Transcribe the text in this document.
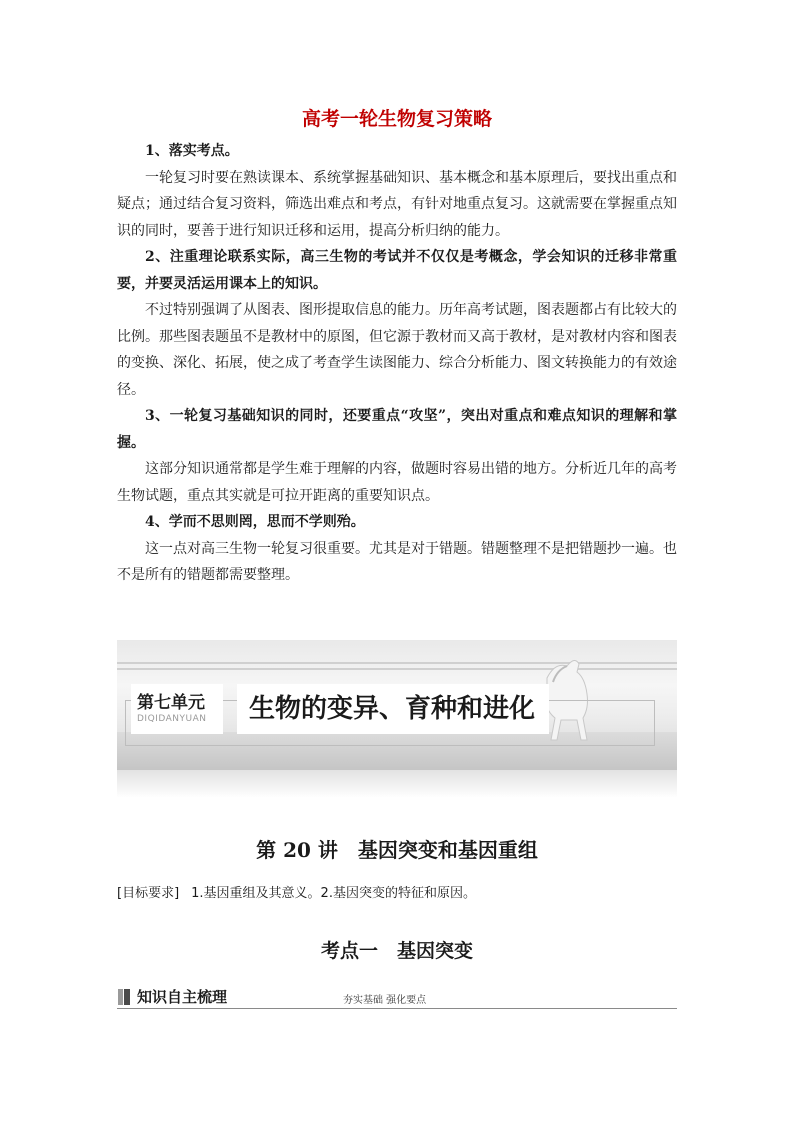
高考一轮生物复习策略

1、落实考点。

一轮复习时要在熟读课本、系统掌握基础知识、基本概念和基本原理后，要找出重点和疑点；通过结合复习资料，筛选出难点和考点，有针对地重点复习。这就需要在掌握重点知识的同时，要善于进行知识迁移和运用，提高分析归纳的能力。

2、注重理论联系实际，高三生物的考试并不仅仅是考概念，学会知识的迁移非常重要，并要灵活运用课本上的知识。

不过特别强调了从图表、图形提取信息的能力。历年高考试题，图表题都占有比较大的比例。那些图表题虽不是教材中的原图，但它源于教材而又高于教材，是对教材内容和图表的变换、深化、拓展，使之成了考查学生读图能力、综合分析能力、图文转换能力的有效途径。

3、一轮复习基础知识的同时，还要重点“攻坚”，突出对重点和难点知识的理解和掌握。

这部分知识通常都是学生难于理解的内容，做题时容易出错的地方。分析近几年的高考生物试题，重点其实就是可拉开距离的重要知识点。

4、学而不思则罔，思而不学则殆。

这一点对高三生物一轮复习很重要。尤其是对于错题。错题整理不是把错题抄一遍。也不是所有的错题都需要整理。

第七单元
DIQIDANYUAN 生物的变异、育种和进化
第 20 讲　基因突变和基因重组
[目标要求] 1.基因重组及其意义。2.基因突变的特征和原因。
考点一　基因突变
知识自主梳理	夯实基础 强化要点
